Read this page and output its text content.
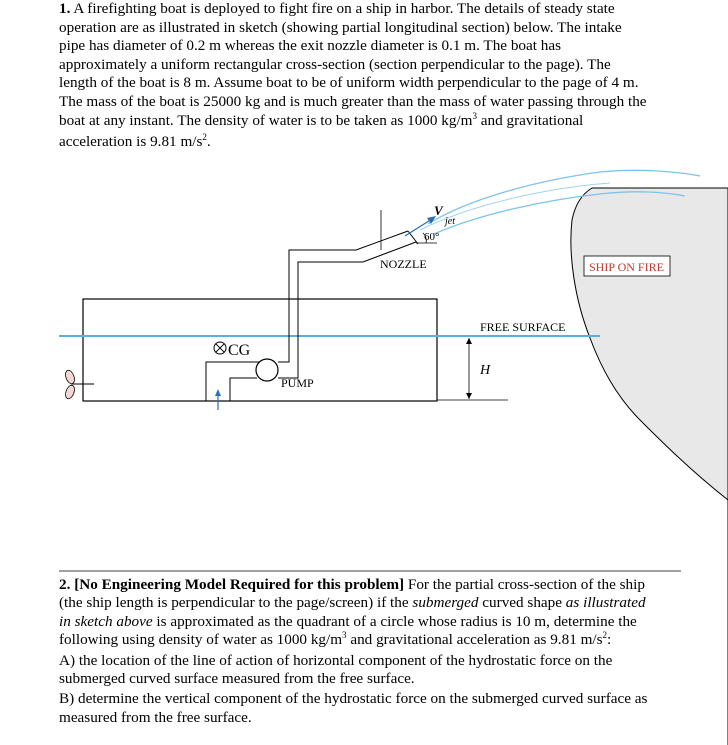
1. A firefighting boat is deployed to fight fire on a ship in harbor. The details of steady state
operation are as illustrated in sketch (showing partial longitudinal section) below. The intake
pipe has diameter of 0.2 m whereas the exit nozzle diameter is 0.1 m. The boat has
approximately a uniform rectangular cross-section (section perpendicular to the page). The
length of the boat is 8 m. Assume boat to be of uniform width perpendicular to the page of 4 m.
The mass of the boat is 25000 kg and is much greater than the mass of water passing through the
boat at any instant. The density of water is to be taken as 1000 $kg/m^3$ and gravitational
acceleration is 9.81 $m/s^2$.
V
jet
60°
NOZZLE	SHIP ON FIRE
FREE SURFACE
CG
PUMP
H
2. [No Engineering Model Required for this problem] For the partial cross-section of the ship
(the ship length is perpendicular to the page/screen) if the submerged curved shape as illustrated
in sketch above is approximated as the quadrant of a circle whose radius is 10 m, determine the
following using density of water as 1000 $kg/m^3$ and gravitational acceleration as 9.81 $m/s^2$:
A) the location of the line of action of horizontal component of the hydrostatic force on the
submerged curved surface measured from the free surface.
B) determine the vertical component of the hydrostatic force on the submerged curved surface as
measured from the free surface.
